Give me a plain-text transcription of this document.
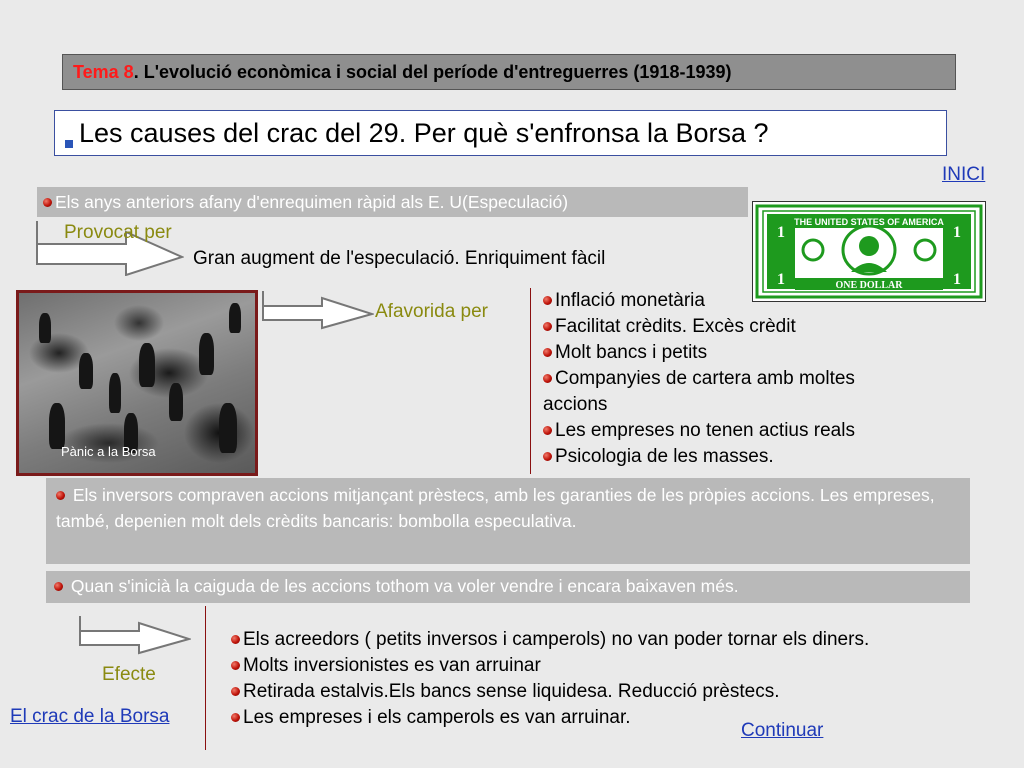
Tema 8. L'evolució econòmica i social del període d'entreguerres (1918-1939)
Les causes del crac del 29. Per què s'enfronsa la Borsa ?
INICI
Els anys anteriors afany d'enrequimen ràpid als E. U(Especulació)
Provocat per
Gran augment de l'especulació. Enriquiment fàcil
THE UNITED STATES OF AMERICA
ONE DOLLAR
1
1
1
1
Pànic a la Borsa
Afavorida per
Inflació monetària
Facilitat crèdits. Excès crèdit
Molt bancs i petits
Companyies de cartera amb moltes
accions
Les empreses no tenen actius reals
Psicologia de les masses.
Els inversors compraven accions mitjançant prèstecs, amb les garanties de les pròpies accions. Les empreses, també, depenien molt dels crèdits bancaris: bombolla especulativa.
Quan s'inicià la caiguda de les accions tothom va voler vendre i encara baixaven més.
Efecte
Els acreedors ( petits inversos i camperols) no van poder tornar els diners.
Molts inversionistes es van arruinar
Retirada estalvis.Els bancs sense liquidesa. Reducció prèstecs.
Les empreses i els camperols es van arruinar.
El crac de la Borsa
Continuar
